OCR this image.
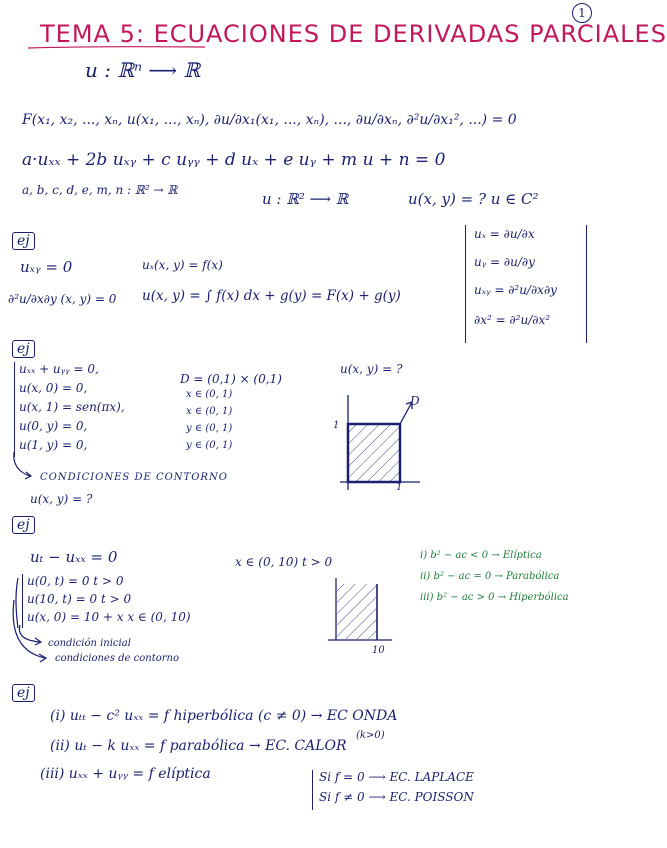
1
TEMA 5: ECUACIONES DE DERIVADAS PARCIALES
u : ℝⁿ ⟶ ℝ
F(x₁, x₂, ..., xₙ, u(x₁, ..., xₙ), ∂u/∂x₁(x₁, ..., xₙ), ..., ∂u/∂xₙ, ∂²u/∂x₁², ...) = 0
a·uₓₓ + 2b uₓᵧ + c uᵧᵧ + d uₓ + e uᵧ + m u + n = 0
a, b, c, d, e, m, n : ℝ² → ℝ	u : ℝ² ⟶ ℝ	u(x, y) = ? u ∈ C²
uₓ = ∂u/∂x
uᵧ = ∂u/∂y
uₓᵧ = ∂²u/∂x∂y
∂x² = ∂²u/∂x²
ej
uₓᵧ = 0
∂²u/∂x∂y (x, y) = 0
uₓ(x, y) = f(x)
u(x, y) = ∫ f(x) dx + g(y) = F(x) + g(y)
ej
uₓₓ + uᵧᵧ = 0,
u(x, 0) = 0,
u(x, 1) = sen(πx),
u(0, y) = 0,
u(1, y) = 0,
D = (0,1) × (0,1)
x ∈ (0, 1)
x ∈ (0, 1)
y ∈ (0, 1)
y ∈ (0, 1)
CONDICIONES DE CONTORNO
u(x, y) = ?
u(x, y) = ?
D
1
1
ej
uₜ − uₓₓ = 0	x ∈ (0, 10) t > 0
u(0, t) = 0 t > 0
u(10, t) = 0 t > 0
u(x, 0) = 10 + x x ∈ (0, 10)
condición inicial
condiciones de contorno
i) b² − ac < 0 → Elíptica
ii) b² − ac = 0 → Parabólica
iii) b² − ac > 0 → Hiperbólica
10
ej
(i) uₜₜ − c² uₓₓ = f hiperbólica (c ≠ 0) → EC ONDA
(ii) uₜ − k uₓₓ = f parabólica → EC. CALOR
(k>0)
(iii) uₓₓ + uᵧᵧ = f elíptica	Si f = 0 ⟶ EC. LAPLACE
Si f ≠ 0 ⟶ EC. POISSON
